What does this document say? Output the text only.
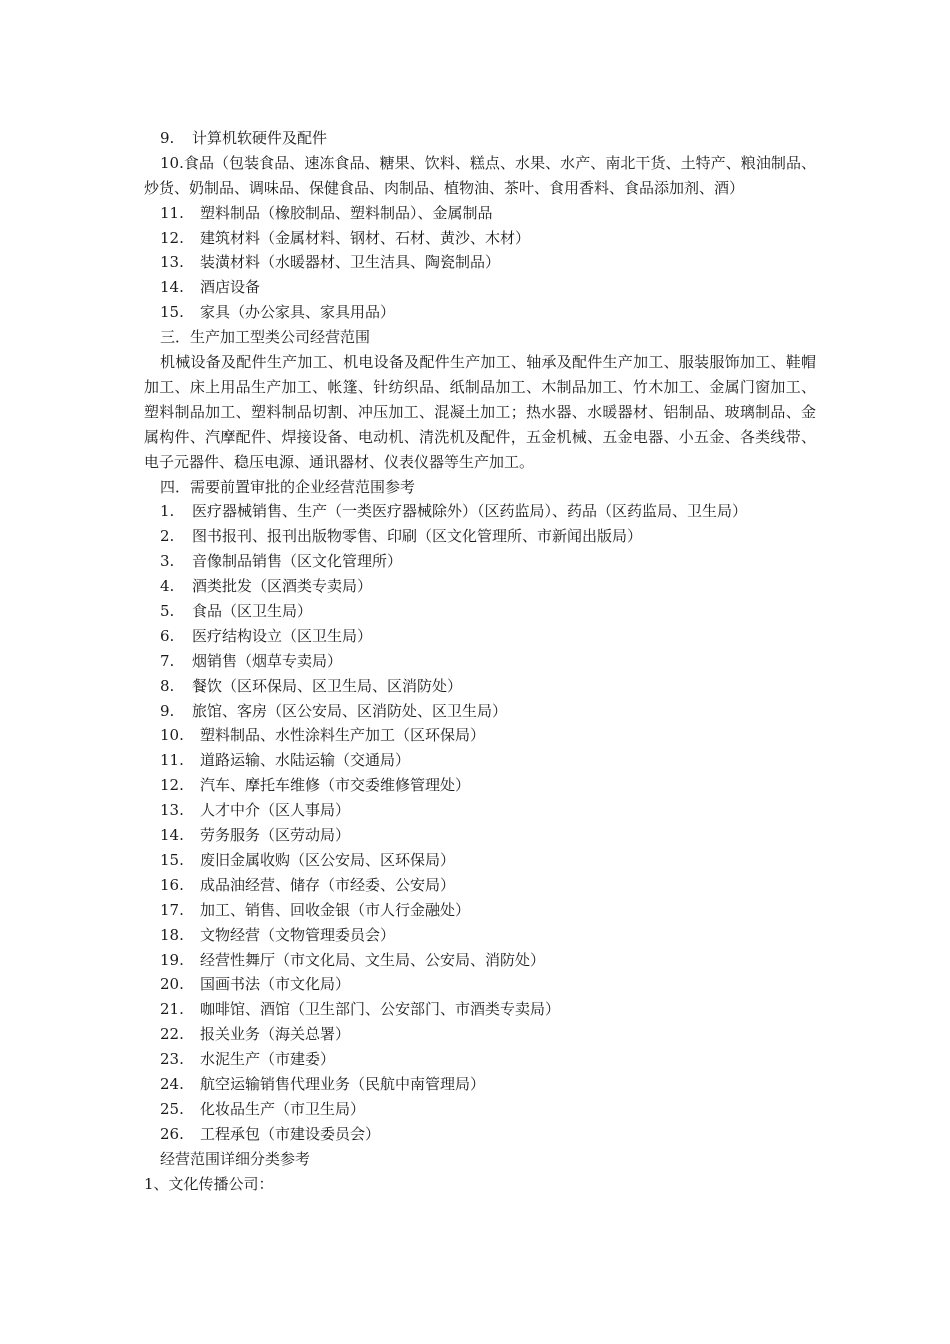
9. 计算机软硬件及配件
10.食品（包装食品、速冻食品、糖果、饮料、糕点、水果、水产、南北干货、土特产、粮油制品、炒货、奶制品、调味品、保健食品、肉制品、植物油、茶叶、食用香料、食品添加剂、酒）
11. 塑料制品（橡胶制品、塑料制品）、金属制品
12. 建筑材料（金属材料、钢材、石材、黄沙、木材）
13. 装潢材料（水暖器材、卫生洁具、陶瓷制品）
14. 酒店设备
15. 家具（办公家具、家具用品）
三．生产加工型类公司经营范围
机械设备及配件生产加工、机电设备及配件生产加工、轴承及配件生产加工、服装服饰加工、鞋帽加工、床上用品生产加工、帐篷、针纺织品、纸制品加工、木制品加工、竹木加工、金属门窗加工、塑料制品加工、塑料制品切割、冲压加工、混凝土加工；热水器、水暖器材、铝制品、玻璃制品、金属构件、汽摩配件、焊接设备、电动机、清洗机及配件，五金机械、五金电器、小五金、各类线带、电子元器件、稳压电源、通讯器材、仪表仪器等生产加工。
四．需要前置审批的企业经营范围参考
1. 医疗器械销售、生产（一类医疗器械除外）（区药监局）、药品（区药监局、卫生局）
2. 图书报刊、报刊出版物零售、印刷（区文化管理所、市新闻出版局）
3. 音像制品销售（区文化管理所）
4. 酒类批发（区酒类专卖局）
5. 食品（区卫生局）
6. 医疗结构设立（区卫生局）
7. 烟销售（烟草专卖局）
8. 餐饮（区环保局、区卫生局、区消防处）
9. 旅馆、客房（区公安局、区消防处、区卫生局）
10. 塑料制品、水性涂料生产加工（区环保局）
11. 道路运输、水陆运输（交通局）
12. 汽车、摩托车维修（市交委维修管理处）
13. 人才中介（区人事局）
14. 劳务服务（区劳动局）
15. 废旧金属收购（区公安局、区环保局）
16. 成品油经营、储存（市经委、公安局）
17. 加工、销售、回收金银（市人行金融处）
18. 文物经营（文物管理委员会）
19. 经营性舞厅（市文化局、文生局、公安局、消防处）
20. 国画书法（市文化局）
21. 咖啡馆、酒馆（卫生部门、公安部门、市酒类专卖局）
22. 报关业务（海关总署）
23. 水泥生产（市建委）
24. 航空运输销售代理业务（民航中南管理局）
25. 化妆品生产（市卫生局）
26. 工程承包（市建设委员会）
经营范围详细分类参考
1、文化传播公司：
